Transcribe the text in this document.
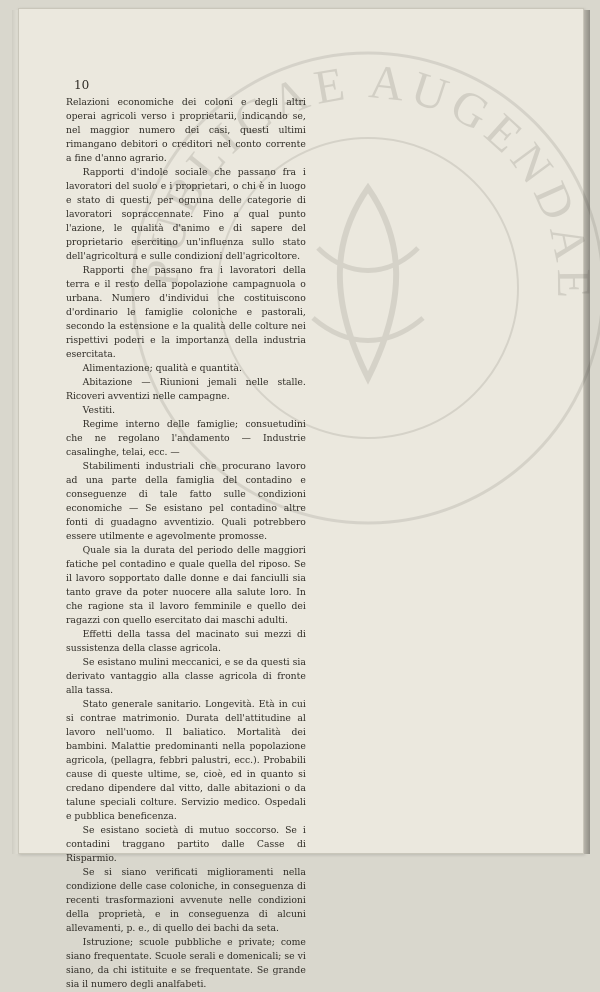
10

Relazioni economiche dei coloni e degli altri operai agricoli verso i proprietarii, indicando se, nel maggior numero dei casi, questi ultimi rimangano debitori o creditori nel conto corrente a fine d'anno agrario.

Rapporti d'indole sociale che passano fra i lavoratori del suolo e i proprietari, o chi è in luogo e stato di questi, per ognuna delle categorie di lavoratori sopraccennate. Fino a qual punto l'azione, le qualità d'animo e di sapere del proprietario esercitino un'influenza sullo stato dell'agricoltura e sulle condizioni dell'agricoltore.

Rapporti che passano fra i lavoratori della terra e il resto della popolazione campagnuola o urbana. Numero d'individui che costituiscono d'ordinario le famiglie coloniche e pastorali, secondo la estensione e la qualità delle colture nei rispettivi poderi e la importanza della industria esercitata.

Alimentazione; qualità e quantità.

Abitazione — Riunioni jemali nelle stalle. Ricoveri avventizi nelle campagne.

Vestiti.

Regime interno delle famiglie; consuetudini che ne regolano l'andamento — Industrie casalinghe, telai, ecc. —

Stabilimenti industriali che procurano lavoro ad una parte della famiglia del contadino e conseguenze di tale fatto sulle condizioni economiche — Se esistano pel contadino altre fonti di guadagno avventizio. Quali potrebbero essere utilmente e agevolmente promosse.

Quale sia la durata del periodo delle maggiori fatiche pel contadino e quale quella del riposo. Se il lavoro sopportato dalle donne e dai fanciulli sia tanto grave da poter nuocere alla salute loro. In che ragione sta il lavoro femminile e quello dei ragazzi con quello esercitato dai maschi adulti.

Effetti della tassa del macinato sui mezzi di sussistenza della classe agricola.

Se esistano mulini meccanici, e se da questi sia derivato vantaggio alla classe agricola di fronte alla tassa.

Stato generale sanitario. Longevità. Età in cui si contrae matrimonio. Durata dell'attitudine al lavoro nell'uomo. Il baliatico. Mortalità dei bambini. Malattie predominanti nella popolazione agricola, (pellagra, febbri palustri, ecc.). Probabili cause di queste ultime, se, cioè, ed in quanto si credano dipendere dal vitto, dalle abitazioni o da talune speciali colture. Servizio medico. Ospedali e pubblica beneficenza.

Se esistano società di mutuo soccorso. Se i contadini traggano partito dalle Casse di Risparmio.

Se si siano verificati miglioramenti nella condizione delle case coloniche, in conseguenza di recenti trasformazioni avvenute nelle condizioni della proprietà, e in conseguenza di alcuni allevamenti, p. e., di quello dei bachi da seta.

Istruzione; scuole pubbliche e private; come siano frequentate. Scuole serali e domenicali; se vi siano, da chi istituite e se frequentate. Se grande sia il numero degli analfabeti.
